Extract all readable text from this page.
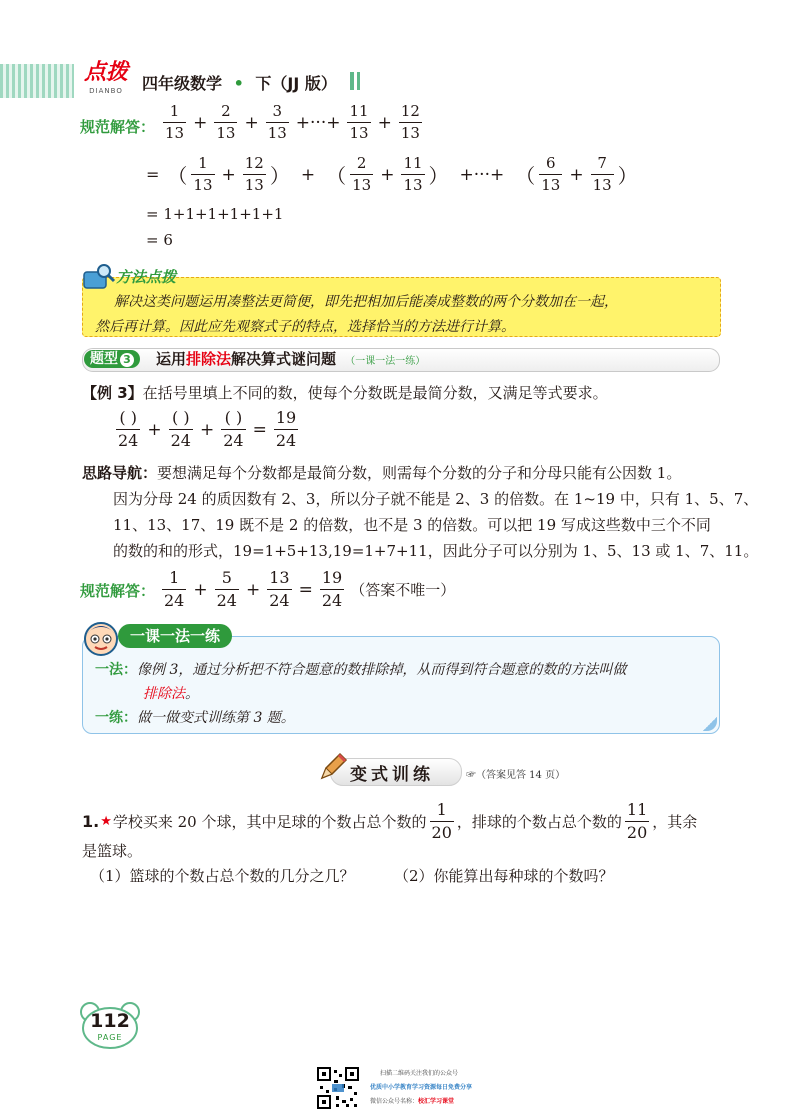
点拨
DIANBO	四年级数学 • 下（JJ 版）
规范解答： $\frac{1}{13} + \frac{2}{13} + \frac{3}{13}$ +···+ $\frac{11}{13} + \frac{12}{13}$
= （ $\frac{1}{13} + \frac{12}{13}$ ） + （ $\frac{2}{13} + \frac{11}{13}$ ） +···+ （ $\frac{6}{13} + \frac{7}{13}$ ）
= 1+1+1+1+1+1
= 6
方法点拨
解决这类问题运用凑整法更简便，即先把相加后能凑成整数的两个分数加在一起，
然后再计算。因此应先观察式子的特点，选择恰当的方法进行计算。
题型 3	运用排除法解决算式谜问题 （一课一法一练）
【例 3】在括号里填上不同的数，使每个分数既是最简分数，又满足等式要求。
$\frac{( )}{24} + \frac{( )}{24} + \frac{( )}{24} = \frac{19}{24}$
思路导航：要想满足每个分数都是最简分数，则需每个分数的分子和分母只能有公因数 1。
因为分母 24 的质因数有 2、3，所以分子就不能是 2、3 的倍数。在 1~19 中，只有 1、5、7、
11、13、17、19 既不是 2 的倍数，也不是 3 的倍数。可以把 19 写成这些数中三个不同
的数的和的形式，19=1+5+13,19=1+7+11，因此分子可以分别为 1、5、13 或 1、7、11。
规范解答： $\frac{1}{24} + \frac{5}{24} + \frac{13}{24} = \frac{19}{24}$ （答案不唯一）
一课一法一练
一法：像例 3，通过分析把不符合题意的数排除掉，从而得到符合题意的数的方法叫做
排除法。
一练：做一做变式训练第 3 题。
变式训练	☞（答案见答 14 页）
1. ★ 学校买来 20 个球，其中足球的个数占总个数的 $\frac{1}{20}$ ，排球的个数占总个数的 $\frac{11}{20}$ ，其余
是篮球。
（1）篮球的个数占总个数的几分之几？	（2）你能算出每种球的个数吗？
112
PAGE
扫描二维码关注我们的公众号
优质中小学教育学习资源每日免费分享
微信公众号名称：校汇学习课堂
